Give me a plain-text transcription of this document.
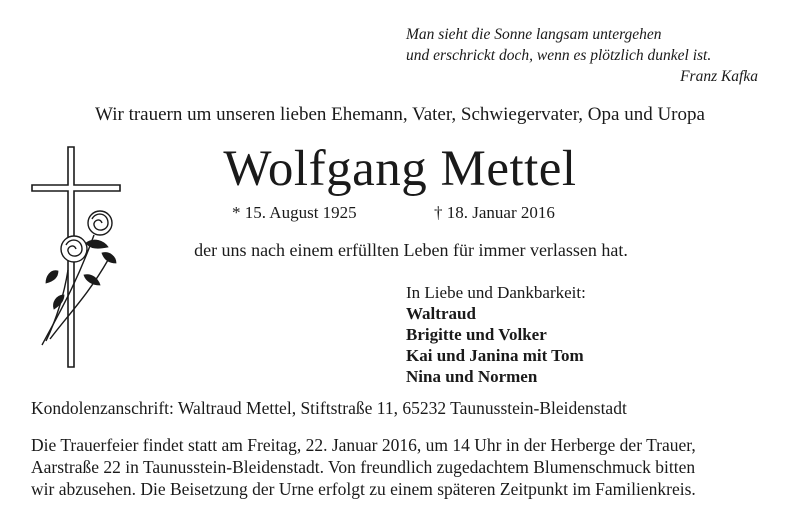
Man sieht die Sonne langsam untergehen
und erschrickt doch, wenn es plötzlich dunkel ist.
Franz Kafka
Wir trauern um unseren lieben Ehemann, Vater, Schwiegervater, Opa und Uropa
Wolfgang Mettel
* 15. August 1925	† 18. Januar 2016
der uns nach einem erfüllten Leben für immer verlassen hat.
In Liebe und Dankbarkeit:
Waltraud
Brigitte und Volker
Kai und Janina mit Tom
Nina und Normen
Kondolenzanschrift: Waltraud Mettel, Stiftstraße 11, 65232 Taunusstein-Bleidenstadt
Die Trauerfeier findet statt am Freitag, 22. Januar 2016, um 14 Uhr in der Herberge der Trauer,
Aarstraße 22 in Taunusstein-Bleidenstadt. Von freundlich zugedachtem Blumenschmuck bitten
wir abzusehen. Die Beisetzung der Urne erfolgt zu einem späteren Zeitpunkt im Familienkreis.
